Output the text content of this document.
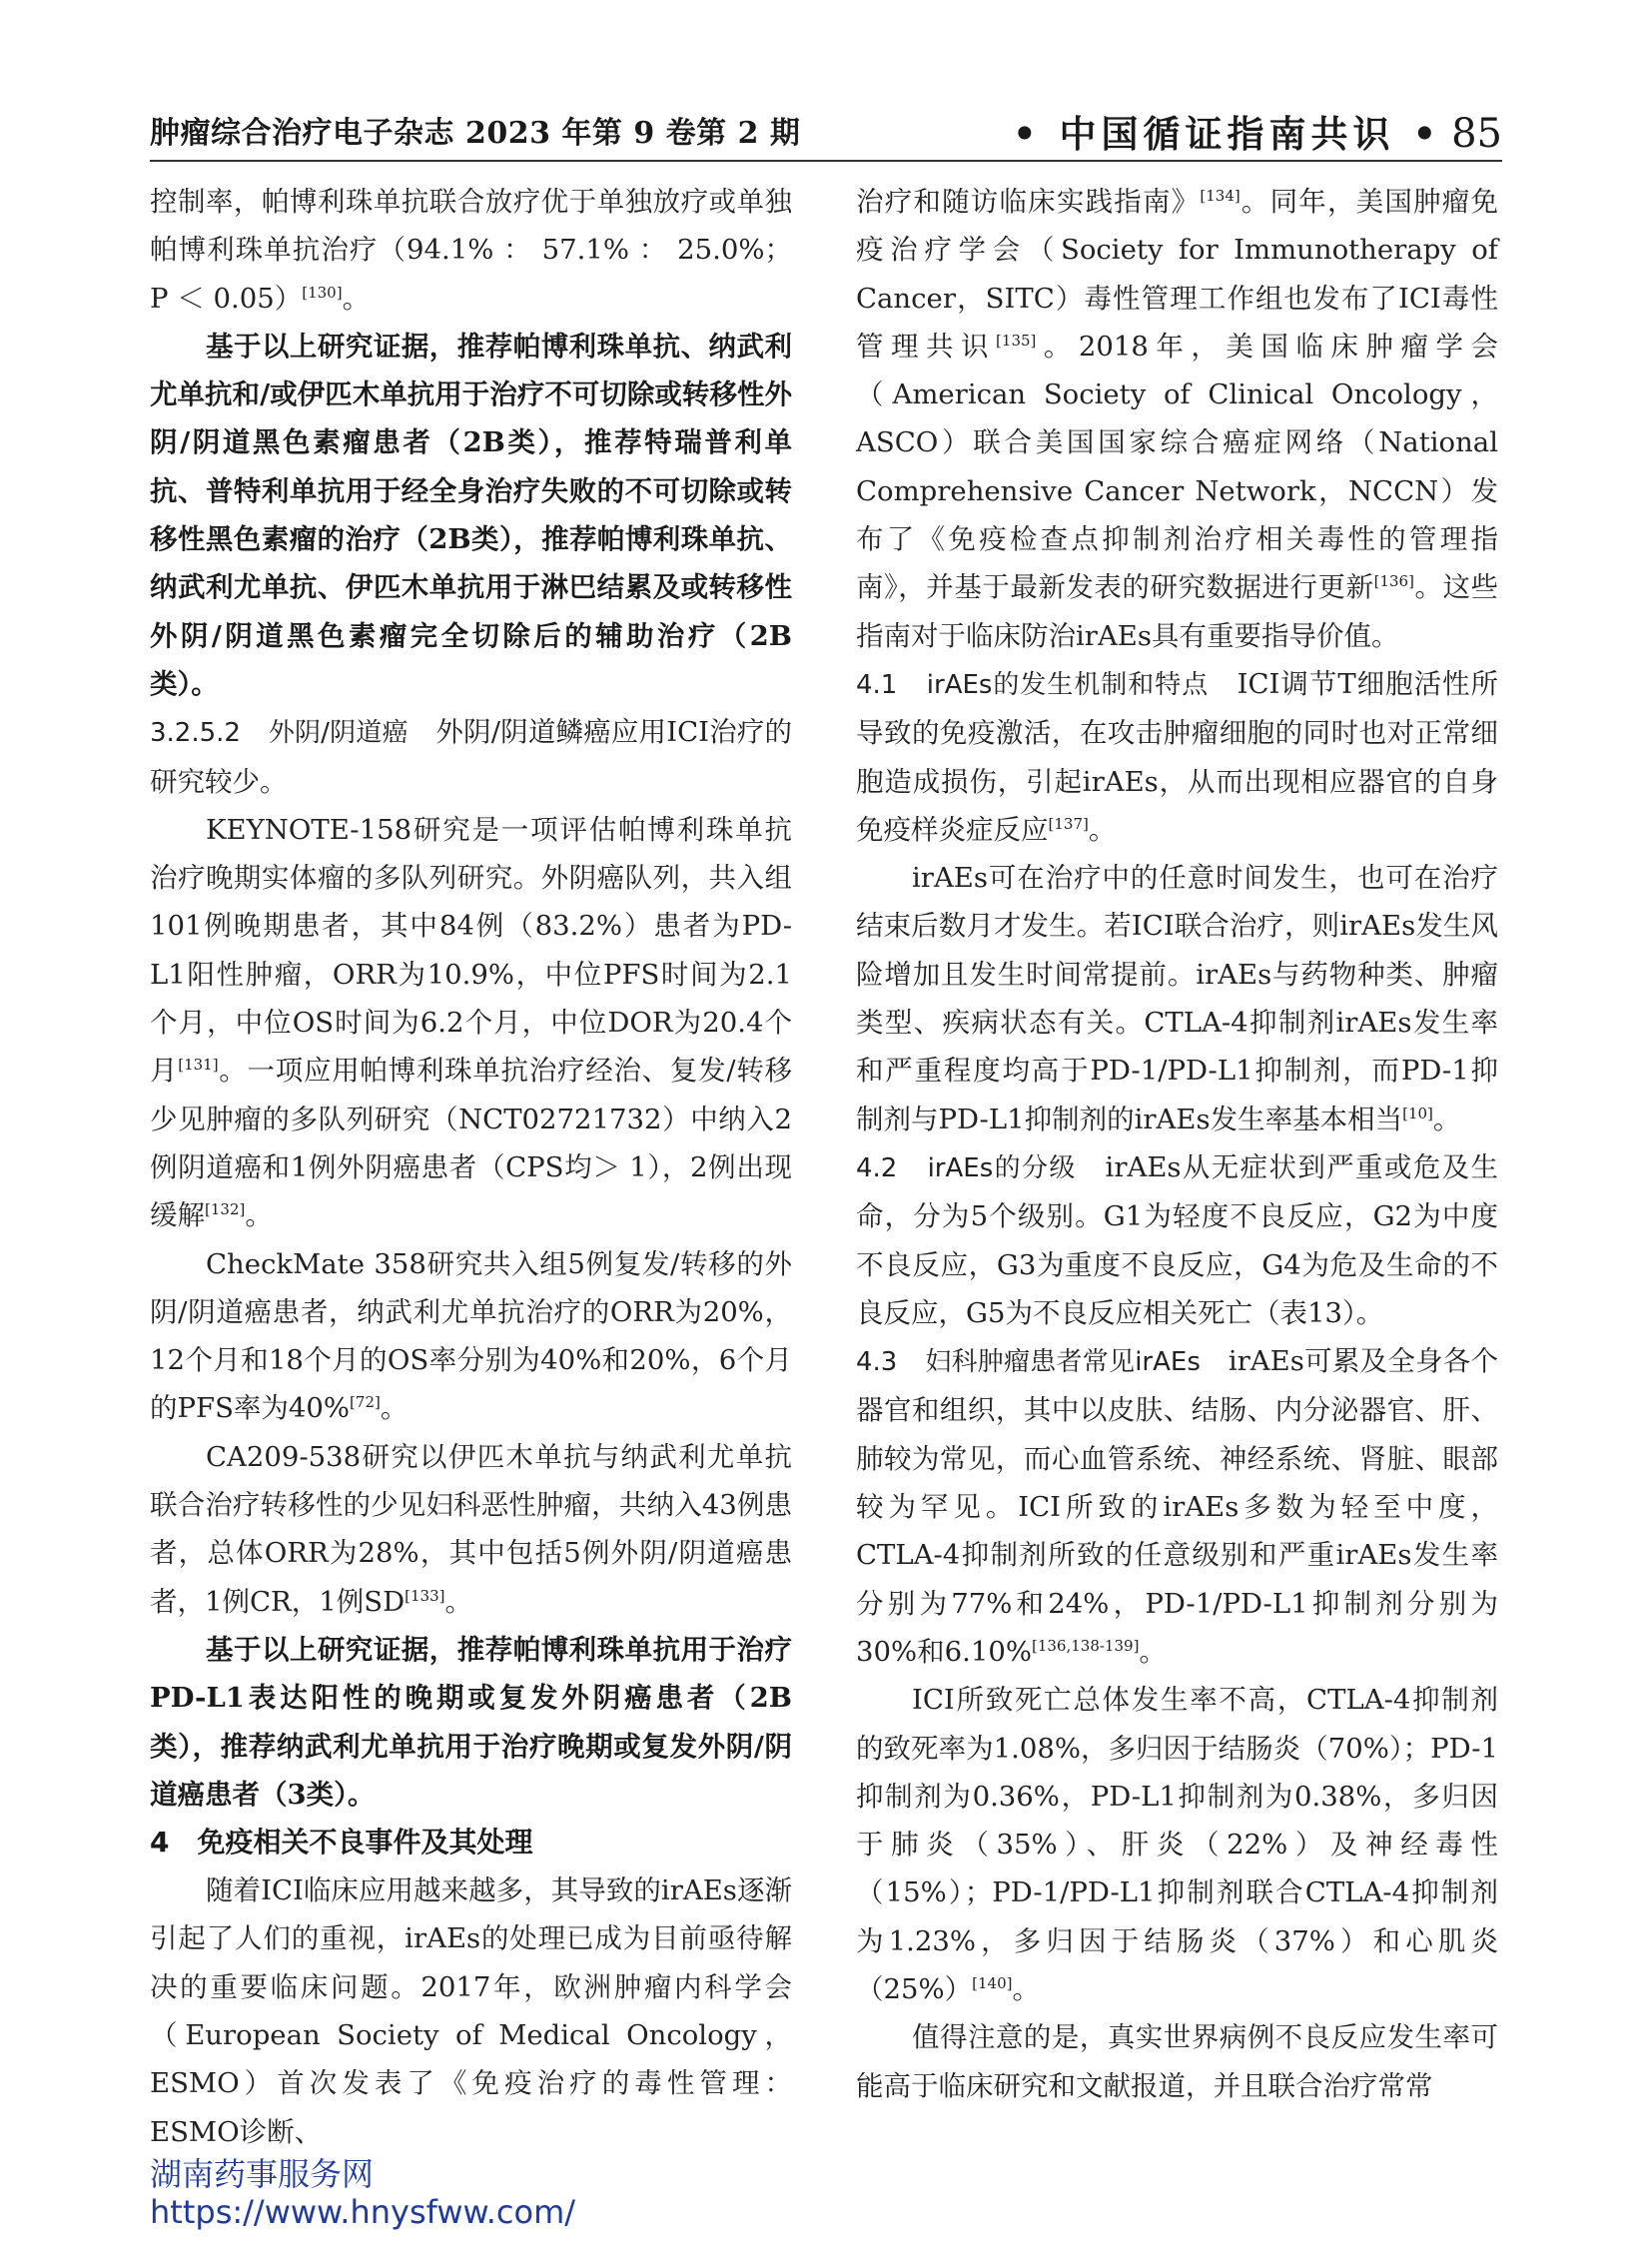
肿瘤综合治疗电子杂志 2023 年第 9 卷第 2 期	• 中国循证指南共识 • 85

控制率，帕博利珠单抗联合放疗优于单独放疗或单独帕博利珠单抗治疗（94.1% ： 57.1% ： 25.0%；P ＜ 0.05）[130]。

基于以上研究证据，推荐帕博利珠单抗、纳武利尤单抗和/或伊匹木单抗用于治疗不可切除或转移性外阴/阴道黑色素瘤患者（2B类），推荐特瑞普利单抗、普特利单抗用于经全身治疗失败的不可切除或转移性黑色素瘤的治疗（2B类），推荐帕博利珠单抗、纳武利尤单抗、伊匹木单抗用于淋巴结累及或转移性外阴/阴道黑色素瘤完全切除后的辅助治疗（2B类）。

3.2.5.2　 外阴/阴道癌　 外阴/阴道鳞癌应用ICI治疗的研究较少。

KEYNOTE-158研究是一项评估帕博利珠单抗治疗晚期实体瘤的多队列研究。外阴癌队列，共入组101例晚期患者，其中84例（83.2%）患者为PD-L1阳性肿瘤，ORR为10.9%，中位PFS时间为2.1个月，中位OS时间为6.2个月，中位DOR为20.4个月[131]。一项应用帕博利珠单抗治疗经治、复发/转移少见肿瘤的多队列研究（NCT02721732）中纳入2例阴道癌和1例外阴癌患者（CPS均＞ 1），2例出现缓解[132]。

CheckMate 358研究共入组5例复发/转移的外阴/阴道癌患者，纳武利尤单抗治疗的ORR为20%，12个月和18个月的OS率分别为40%和20%，6个月的PFS率为40%[72]。

CA209-538研究以伊匹木单抗与纳武利尤单抗联合治疗转移性的少见妇科恶性肿瘤，共纳入43例患者，总体ORR为28%，其中包括5例外阴/阴道癌患者，1例CR，1例SD[133]。

基于以上研究证据，推荐帕博利珠单抗用于治疗PD-L1表达阳性的晚期或复发外阴癌患者（2B类），推荐纳武利尤单抗用于治疗晚期或复发外阴/阴道癌患者（3类）。

4　免疫相关不良事件及其处理

随着ICI临床应用越来越多，其导致的irAEs逐渐引起了人们的重视，irAEs的处理已成为目前亟待解决的重要临床问题。2017年，欧洲肿瘤内科学会（European Society of Medical Oncology，ESMO）首次发表了《免疫治疗的毒性管理：ESMO诊断、

治疗和随访临床实践指南》[134]。同年，美国肿瘤免疫治疗学会（Society for Immunotherapy of Cancer，SITC）毒性管理工作组也发布了ICI毒性管理共识[135]。2018年，美国临床肿瘤学会（American Society of Clinical Oncology，ASCO）联合美国国家综合癌症网络（National Comprehensive Cancer Network，NCCN）发布了《免疫检查点抑制剂治疗相关毒性的管理指南》，并基于最新发表的研究数据进行更新[136]。这些指南对于临床防治irAEs具有重要指导价值。

4.1　 irAEs的发生机制和特点　 ICI调节T细胞活性所导致的免疫激活，在攻击肿瘤细胞的同时也对正常细胞造成损伤，引起irAEs，从而出现相应器官的自身免疫样炎症反应[137]。

irAEs可在治疗中的任意时间发生，也可在治疗结束后数月才发生。若ICI联合治疗，则irAEs发生风险增加且发生时间常提前。irAEs与药物种类、肿瘤类型、疾病状态有关。CTLA-4抑制剂irAEs发生率和严重程度均高于PD-1/PD-L1抑制剂，而PD-1抑制剂与PD-L1抑制剂的irAEs发生率基本相当[10]。

4.2　 irAEs的分级　 irAEs从无症状到严重或危及生命，分为5个级别。G1为轻度不良反应，G2为中度不良反应，G3为重度不良反应，G4为危及生命的不良反应，G5为不良反应相关死亡（表13）。

4.3　 妇科肿瘤患者常见irAEs　 irAEs可累及全身各个器官和组织，其中以皮肤、结肠、内分泌器官、肝、肺较为常见，而心血管系统、神经系统、肾脏、眼部较为罕见。ICI所致的irAEs多数为轻至中度，CTLA-4抑制剂所致的任意级别和严重irAEs发生率分别为77%和24%，PD-1/PD-L1抑制剂分别为30%和6.10%[136,138-139]。

ICI所致死亡总体发生率不高，CTLA-4抑制剂的致死率为1.08%，多归因于结肠炎（70%）；PD-1抑制剂为0.36%，PD-L1抑制剂为0.38%，多归因于肺炎（35%）、肝炎（22%）及神经毒性（15%）；PD-1/PD-L1抑制剂联合CTLA-4抑制剂为1.23%，多归因于结肠炎（37%）和心肌炎（25%）[140]。

值得注意的是，真实世界病例不良反应发生率可能高于临床研究和文献报道，并且联合治疗常常

湖南药事服务网
https://www.hnysfww.com/
